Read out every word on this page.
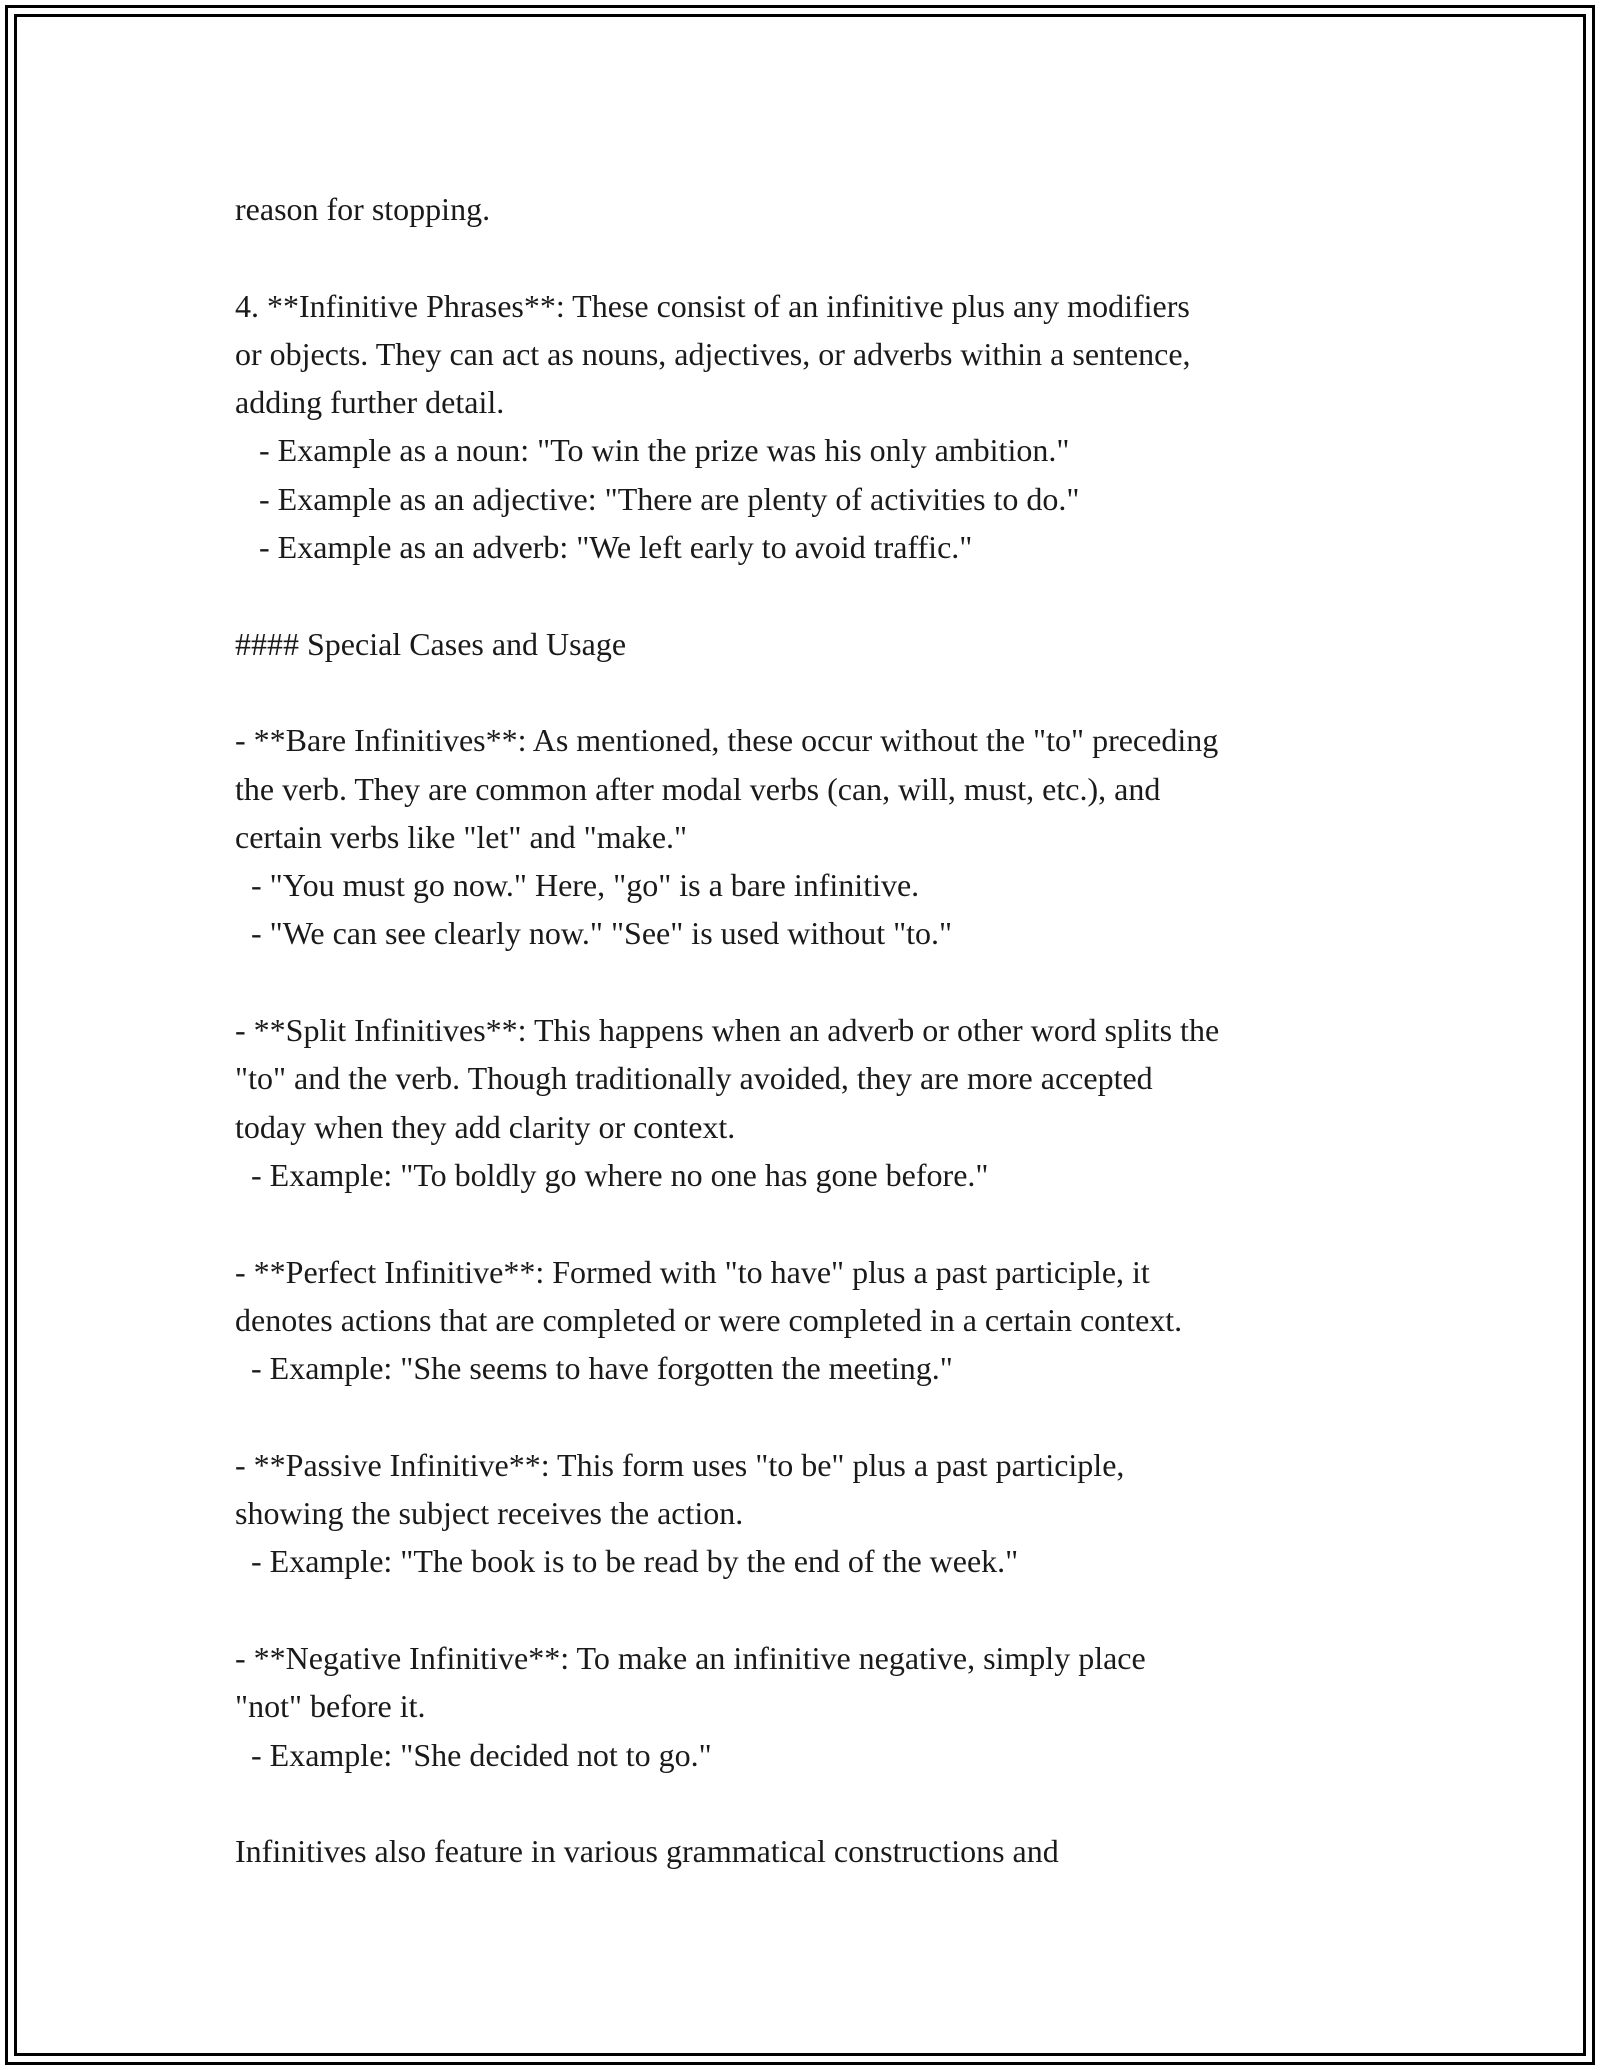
reason for stopping.
4. **Infinitive Phrases**: These consist of an infinitive plus any modifiers
or objects. They can act as nouns, adjectives, or adverbs within a sentence,
adding further detail.
- Example as a noun: "To win the prize was his only ambition."
- Example as an adjective: "There are plenty of activities to do."
- Example as an adverb: "We left early to avoid traffic."
#### Special Cases and Usage
- **Bare Infinitives**: As mentioned, these occur without the "to" preceding
the verb. They are common after modal verbs (can, will, must, etc.), and
certain verbs like "let" and "make."
- "You must go now." Here, "go" is a bare infinitive.
- "We can see clearly now." "See" is used without "to."
- **Split Infinitives**: This happens when an adverb or other word splits the
"to" and the verb. Though traditionally avoided, they are more accepted
today when they add clarity or context.
- Example: "To boldly go where no one has gone before."
- **Perfect Infinitive**: Formed with "to have" plus a past participle, it
denotes actions that are completed or were completed in a certain context.
- Example: "She seems to have forgotten the meeting."
- **Passive Infinitive**: This form uses "to be" plus a past participle,
showing the subject receives the action.
- Example: "The book is to be read by the end of the week."
- **Negative Infinitive**: To make an infinitive negative, simply place
"not" before it.
- Example: "She decided not to go."
Infinitives also feature in various grammatical constructions and
